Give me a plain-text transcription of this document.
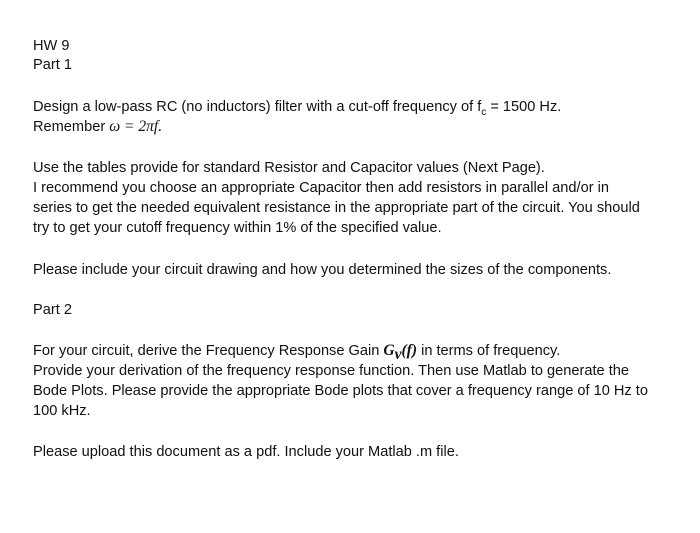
HW 9
Part 1
Design a low-pass RC (no inductors) filter with a cut-off frequency of $f_c = 1500$ Hz.
Remember ω = 2πf.
Use the tables provide for standard Resistor and Capacitor values (Next Page).
I recommend you choose an appropriate Capacitor then add resistors in parallel and/or in
series to get the needed equivalent resistance in the appropriate part of the circuit. You should
try to get your cutoff frequency within 1% of the specified value.
Please include your circuit drawing and how you determined the sizes of the components.
Part 2
For your circuit, derive the Frequency Response Gain $G_v(f)$ in terms of frequency.
Provide your derivation of the frequency response function. Then use Matlab to generate the
Bode Plots. Please provide the appropriate Bode plots that cover a frequency range of 10 Hz to
100 kHz.
Please upload this document as a pdf. Include your Matlab .m file.
